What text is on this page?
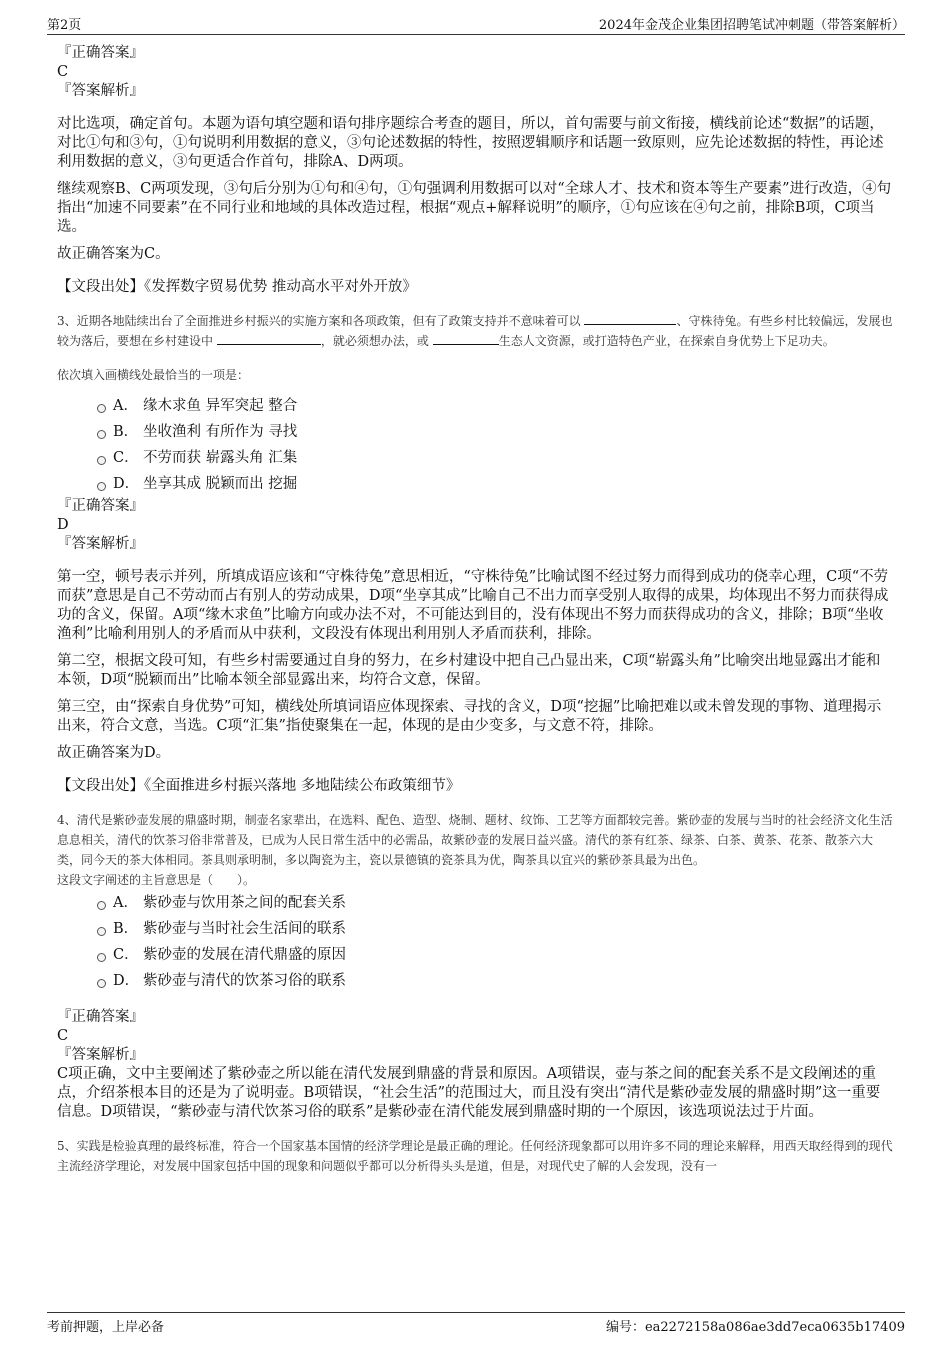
第2页	2024年金茂企业集团招聘笔试冲刺题（带答案解析）

『正确答案』

C

『答案解析』

对比选项，确定首句。本题为语句填空题和语句排序题综合考查的题目，所以，首句需要与前文衔接，横线前论述“数据”的话题，对比①句和③句，①句说明利用数据的意义，③句论述数据的特性，按照逻辑顺序和话题一致原则，应先论述数据的特性，再论述利用数据的意义，③句更适合作首句，排除A、D两项。

继续观察B、C两项发现，③句后分别为①句和④句，①句强调利用数据可以对“全球人才、技术和资本等生产要素”进行改造，④句指出“加速不同要素”在不同行业和地域的具体改造过程，根据“观点+解释说明”的顺序，①句应该在④句之前，排除B项，C项当选。

故正确答案为C。

【文段出处】《发挥数字贸易优势 推动高水平对外开放》

3、近期各地陆续出台了全面推进乡村振兴的实施方案和各项政策，但有了政策支持并不意味着可以	、守株待兔。有些乡村比较偏远，发展也较为落后，要想在乡村建设中	，就必须想办法，或	生态人文资源，或打造特色产业，在探索自身优势上下足功夫。

依次填入画横线处最恰当的一项是：

A． 缘木求鱼 异军突起 整合
B． 坐收渔利 有所作为 寻找
C． 不劳而获 崭露头角 汇集
D． 坐享其成 脱颖而出 挖掘

『正确答案』

D

『答案解析』

第一空，顿号表示并列，所填成语应该和“守株待兔”意思相近，“守株待兔”比喻试图不经过努力而得到成功的侥幸心理，C项“不劳而获”意思是自己不劳动而占有别人的劳动成果，D项“坐享其成”比喻自己不出力而享受别人取得的成果，均体现出不努力而获得成功的含义，保留。A项“缘木求鱼”比喻方向或办法不对，不可能达到目的，没有体现出不努力而获得成功的含义，排除；B项“坐收渔利”比喻利用别人的矛盾而从中获利，文段没有体现出利用别人矛盾而获利，排除。

第二空，根据文段可知，有些乡村需要通过自身的努力，在乡村建设中把自己凸显出来，C项“崭露头角”比喻突出地显露出才能和本领，D项“脱颖而出”比喻本领全部显露出来，均符合文意，保留。

第三空，由“探索自身优势”可知，横线处所填词语应体现探索、寻找的含义，D项“挖掘”比喻把难以或未曾发现的事物、道理揭示出来，符合文意，当选。C项“汇集”指使聚集在一起，体现的是由少变多，与文意不符，排除。

故正确答案为D。

【文段出处】《全面推进乡村振兴落地 多地陆续公布政策细节》

4、清代是紫砂壶发展的鼎盛时期，制壶名家辈出，在选料、配色、造型、烧制、题材、纹饰、工艺等方面都较完善。紫砂壶的发展与当时的社会经济文化生活息息相关，清代的饮茶习俗非常普及，已成为人民日常生活中的必需品，故紫砂壶的发展日益兴盛。清代的茶有红茶、绿茶、白茶、黄茶、花茶、散茶六大类，同今天的茶大体相同。茶具则承明制，多以陶瓷为主，瓷以景德镇的瓷茶具为优，陶茶具以宜兴的紫砂茶具最为出色。

这段文字阐述的主旨意思是（　　）。

A． 紫砂壶与饮用茶之间的配套关系
B． 紫砂壶与当时社会生活间的联系
C． 紫砂壶的发展在清代鼎盛的原因
D． 紫砂壶与清代的饮茶习俗的联系

『正确答案』

C

『答案解析』

C项正确，文中主要阐述了紫砂壶之所以能在清代发展到鼎盛的背景和原因。A项错误，壶与茶之间的配套关系不是文段阐述的重点，介绍茶根本目的还是为了说明壶。B项错误，“社会生活”的范围过大，而且没有突出“清代是紫砂壶发展的鼎盛时期”这一重要信息。D项错误，“紫砂壶与清代饮茶习俗的联系”是紫砂壶在清代能发展到鼎盛时期的一个原因，该选项说法过于片面。

5、实践是检验真理的最终标准，符合一个国家基本国情的经济学理论是最正确的理论。任何经济现象都可以用许多不同的理论来解释，用西天取经得到的现代主流经济学理论，对发展中国家包括中国的现象和问题似乎都可以分析得头头是道，但是，对现代史了解的人会发现，没有一

考前押题，上岸必备	编号：ea2272158a086ae3dd7eca0635b17409
